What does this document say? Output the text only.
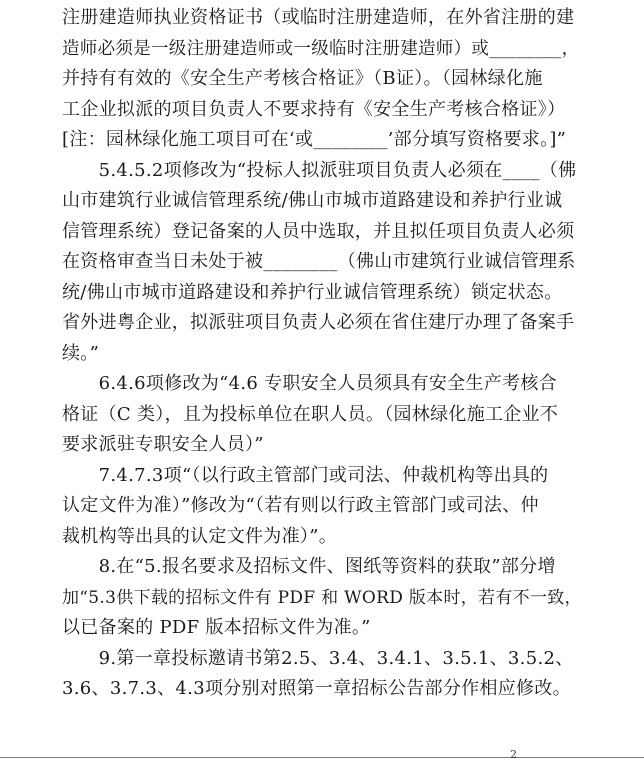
注册建造师执业资格证书（或临时注册建造师，在外省注册的建
造师必须是一级注册建造师或一级临时注册建造师）或________，
并持有有效的《安全生产考核合格证》（B证）。（园林绿化施
工企业拟派的项目负责人不要求持有《安全生产考核合格证》）
[注：园林绿化施工项目可在‘或________’部分填写资格要求。]”
　　5.4.5.2项修改为“投标人拟派驻项目负责人必须在____（佛
山市建筑行业诚信管理系统/佛山市城市道路建设和养护行业诚
信管理系统）登记备案的人员中选取，并且拟任项目负责人必须
在资格审查当日未处于被________（佛山市建筑行业诚信管理系
统/佛山市城市道路建设和养护行业诚信管理系统）锁定状态。
省外进粤企业，拟派驻项目负责人必须在省住建厅办理了备案手
续。”
　　6.4.6项修改为“4.6 专职安全人员须具有安全生产考核合
格证（C 类），且为投标单位在职人员。（园林绿化施工企业不
要求派驻专职安全人员）”
　　7.4.7.3项“（以行政主管部门或司法、仲裁机构等出具的
认定文件为准）”修改为“（若有则以行政主管部门或司法、仲
裁机构等出具的认定文件为准）”。
　　8.在“5.报名要求及招标文件、图纸等资料的获取”部分增
加“5.3供下载的招标文件有 PDF 和 WORD 版本时，若有不一致，
以已备案的 PDF 版本招标文件为准。”
　　9.第一章投标邀请书第2.5、3.4、3.4.1、3.5.1、3.5.2、
3.6、3.7.3、4.3项分别对照第一章招标公告部分作相应修改。
2
